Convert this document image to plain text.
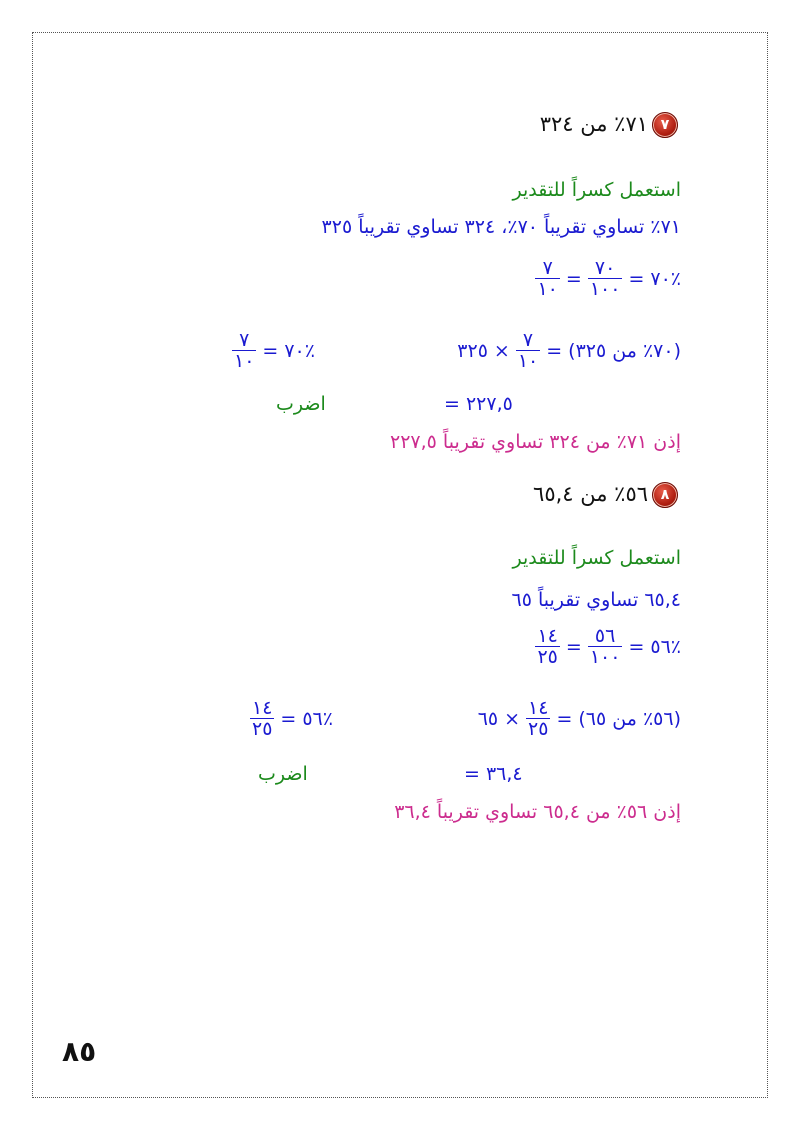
٧
٧١٪ من ٣٢٤
استعمل كسراً للتقدير
٧١٪ تساوي تقريباً ٧٠٪، ٣٢٤ تساوي تقريباً ٣٢٥
$\frac{٧}{١٠} = \frac{٧٠}{١٠٠}$ = ٧٠٪
٣٢٥ × $\frac{٧}{١٠}$ = (٧٠٪ من ٣٢٥)
$\frac{٧}{١٠}$ = ٧٠٪
= ٢٢٧,٥
اضرب
إذن ٧١٪ من ٣٢٤ تساوي تقريباً ٢٢٧,٥
٨
٥٦٪ من ٦٥,٤
استعمل كسراً للتقدير
٦٥,٤ تساوي تقريباً ٦٥
$\frac{١٤}{٢٥} = \frac{٥٦}{١٠٠}$ = ٥٦٪
٦٥ × $\frac{١٤}{٢٥}$ = (٥٦٪ من ٦٥)
$\frac{١٤}{٢٥}$ = ٥٦٪
= ٣٦,٤
اضرب
إذن ٥٦٪ من ٦٥,٤ تساوي تقريباً ٣٦,٤
٨٥
